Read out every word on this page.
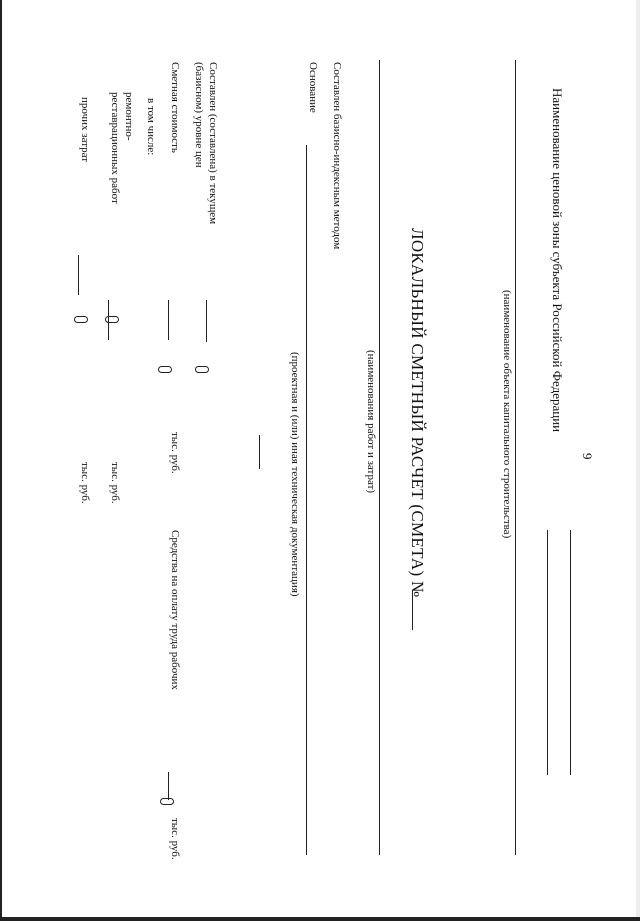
9
Наименование ценовой зоны субъекта Российской Федерации
(наименование объекта капитального строительства)
ЛОКАЛЬНЫЙ СМЕТНЫЙ РАСЧЕТ (СМЕТА) №
(наименования работ и затрат)
Составлен базисно-индексным методом
Основание
(проектная и (или) иная техническая документация)
Составлен (составлена) в текущем
(базисном) уровне цен
Сметная стоимость
тыс. руб.
Средства на оплату труда рабочих
тыс. руб.
в том числе:
ремонтно-
реставрационных работ
тыс. руб.
прочих затрат
тыс. руб.
